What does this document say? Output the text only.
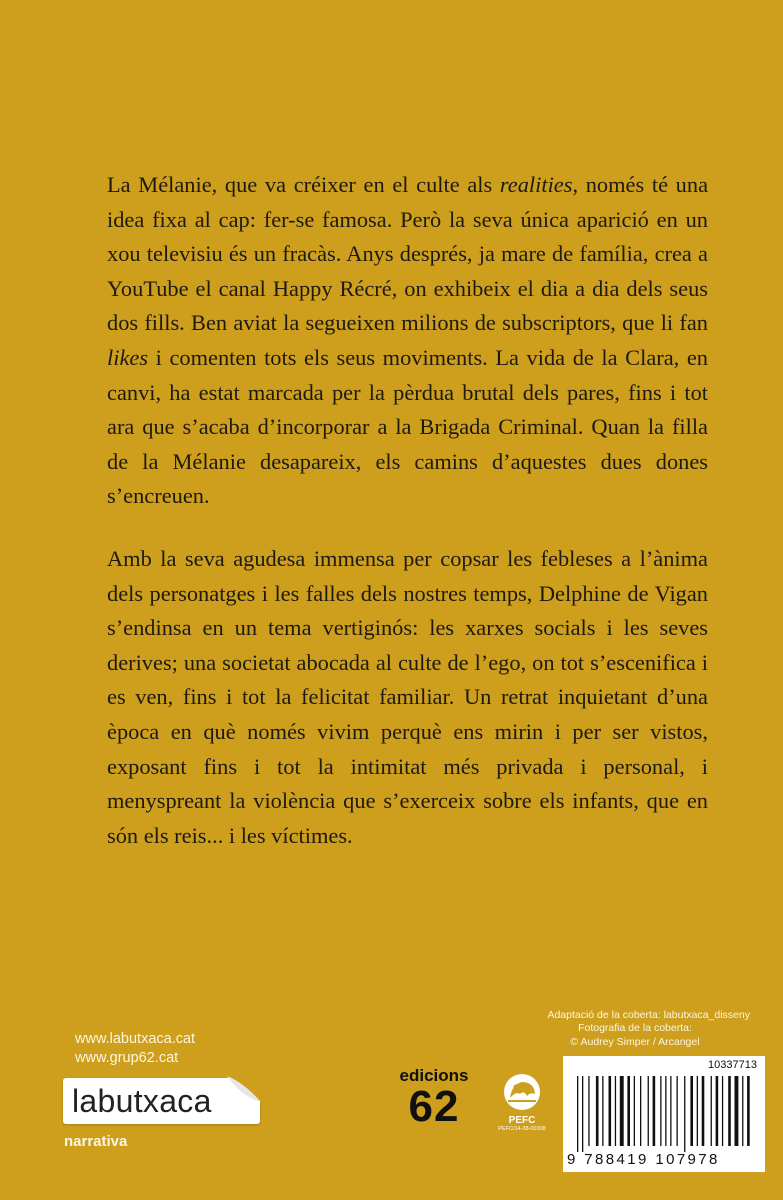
La Mélanie, que va créixer en el culte als realities, només té una idea fixa al cap: fer-se famosa. Però la seva única aparició en un xou televisiu és un fracàs. Anys després, ja mare de família, crea a YouTube el canal Happy Récré, on exhibeix el dia a dia dels seus dos fills. Ben aviat la segueixen milions de subscriptors, que li fan likes i comenten tots els seus moviments. La vida de la Clara, en canvi, ha estat marcada per la pèrdua brutal dels pares, fins i tot ara que s’acaba d’incorporar a la Brigada Criminal. Quan la filla de la Mélanie desapareix, els camins d’aquestes dues dones s’encreuen.

Amb la seva agudesa immensa per copsar les febleses a l’ànima dels personatges i les falles dels nostres temps, Delphine de Vigan s’endinsa en un tema vertiginós: les xarxes socials i les seves derives; una societat abocada al culte de l’ego, on tot s’escenifica i es ven, fins i tot la felicitat familiar. Un retrat inquietant d’una època en què només vivim perquè ens mirin i per ser vistos, exposant fins i tot la intimitat més privada i personal, i menyspreant la violència que s’exerceix sobre els infants, que en són els reis... i les víctimes.

Adaptació de la coberta: labutxaca_disseny
Fotografia de la coberta:
© Audrey Simper / Arcangel
www.labutxaca.cat
www.grup62.cat
labutxaca
narrativa
edicions
62	PEFC
PEFC/14-38-00308
10337713
9 788419 107978
